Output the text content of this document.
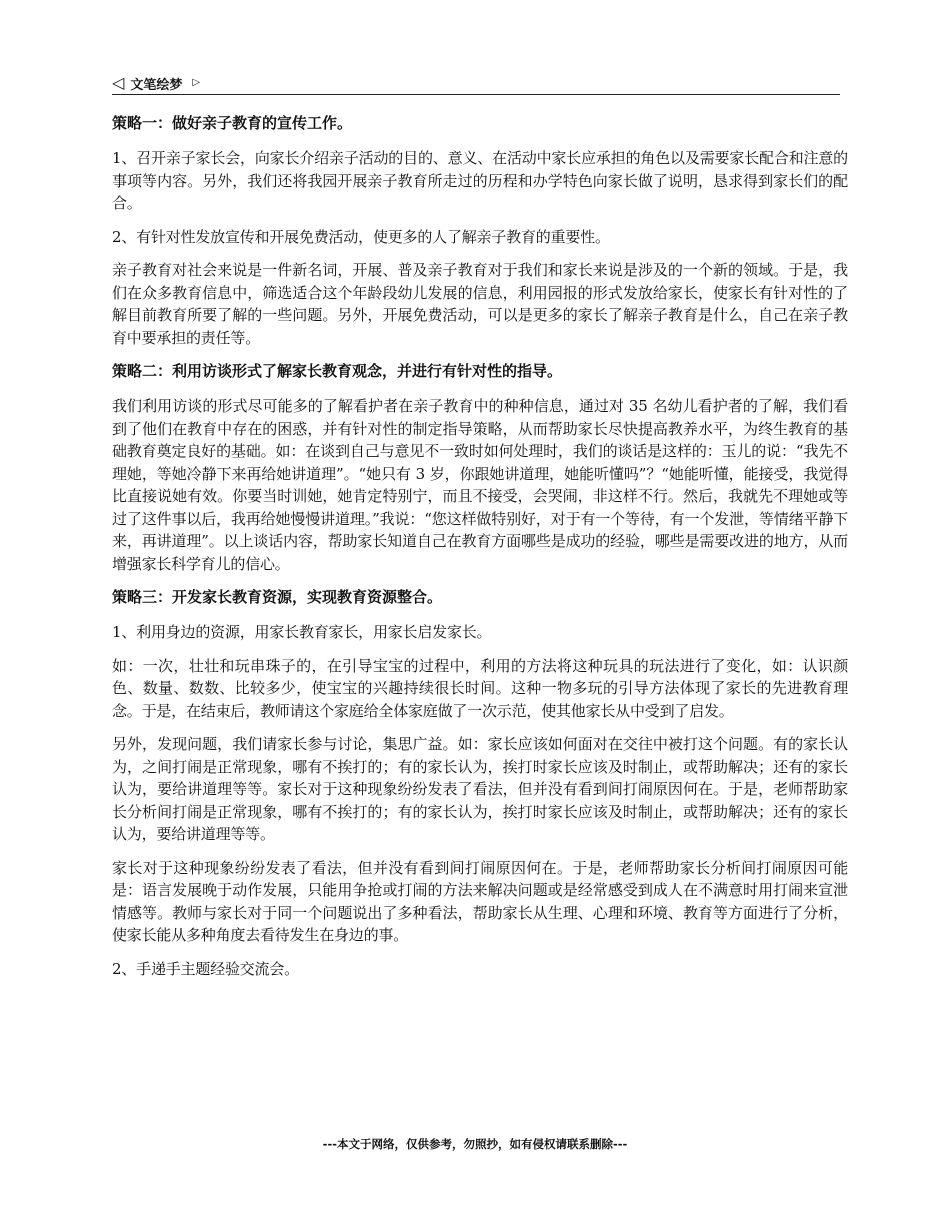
◁ 文笔绘梦 ▷
策略一：做好亲子教育的宣传工作。

1、召开亲子家长会，向家长介绍亲子活动的目的、意义、在活动中家长应承担的角色以及需要家长配合和注意的事项等内容。另外，我们还将我园开展亲子教育所走过的历程和办学特色向家长做了说明，恳求得到家长们的配合。

2、有针对性发放宣传和开展免费活动，使更多的人了解亲子教育的重要性。

亲子教育对社会来说是一件新名词，开展、普及亲子教育对于我们和家长来说是涉及的一个新的领域。于是，我们在众多教育信息中，筛选适合这个年龄段幼儿发展的信息，利用园报的形式发放给家长，使家长有针对性的了解目前教育所要了解的一些问题。另外，开展免费活动，可以是更多的家长了解亲子教育是什么，自己在亲子教育中要承担的责任等。

策略二：利用访谈形式了解家长教育观念，并进行有针对性的指导。

我们利用访谈的形式尽可能多的了解看护者在亲子教育中的种种信息，通过对 35 名幼儿看护者的了解，我们看到了他们在教育中存在的困惑，并有针对性的制定指导策略，从而帮助家长尽快提高教养水平，为终生教育的基础教育奠定良好的基础。如：在谈到自己与意见不一致时如何处理时，我们的谈话是这样的：玉儿的说：“我先不理她，等她冷静下来再给她讲道理”。“她只有 3 岁，你跟她讲道理，她能听懂吗”？“她能听懂，能接受，我觉得比直接说她有效。你要当时训她，她肯定特别宁，而且不接受，会哭闹，非这样不行。然后，我就先不理她或等过了这件事以后，我再给她慢慢讲道理。”我说：“您这样做特别好，对于有一个等待，有一个发泄，等情绪平静下来，再讲道理”。以上谈话内容，帮助家长知道自己在教育方面哪些是成功的经验，哪些是需要改进的地方，从而增强家长科学育儿的信心。

策略三：开发家长教育资源，实现教育资源整合。

1、利用身边的资源，用家长教育家长，用家长启发家长。

如：一次，壮壮和玩串珠子的，在引导宝宝的过程中，利用的方法将这种玩具的玩法进行了变化，如：认识颜色、数量、数数、比较多少，使宝宝的兴趣持续很长时间。这种一物多玩的引导方法体现了家长的先进教育理念。于是，在结束后，教师请这个家庭给全体家庭做了一次示范，使其他家长从中受到了启发。

另外，发现问题，我们请家长参与讨论，集思广益。如：家长应该如何面对在交往中被打这个问题。有的家长认为，之间打闹是正常现象，哪有不挨打的；有的家长认为，挨打时家长应该及时制止，或帮助解决；还有的家长认为，要给讲道理等等。家长对于这种现象纷纷发表了看法，但并没有看到间打闹原因何在。于是，老师帮助家长分析间打闹是正常现象，哪有不挨打的；有的家长认为，挨打时家长应该及时制止，或帮助解决；还有的家长认为，要给讲道理等等。

家长对于这种现象纷纷发表了看法，但并没有看到间打闹原因何在。于是，老师帮助家长分析间打闹原因可能是：语言发展晚于动作发展，只能用争抢或打闹的方法来解决问题或是经常感受到成人在不满意时用打闹来宣泄情感等。教师与家长对于同一个问题说出了多种看法，帮助家长从生理、心理和环境、教育等方面进行了分析，使家长能从多种角度去看待发生在身边的事。

2、手递手主题经验交流会。

---本文于网络，仅供参考，勿照抄，如有侵权请联系删除---
